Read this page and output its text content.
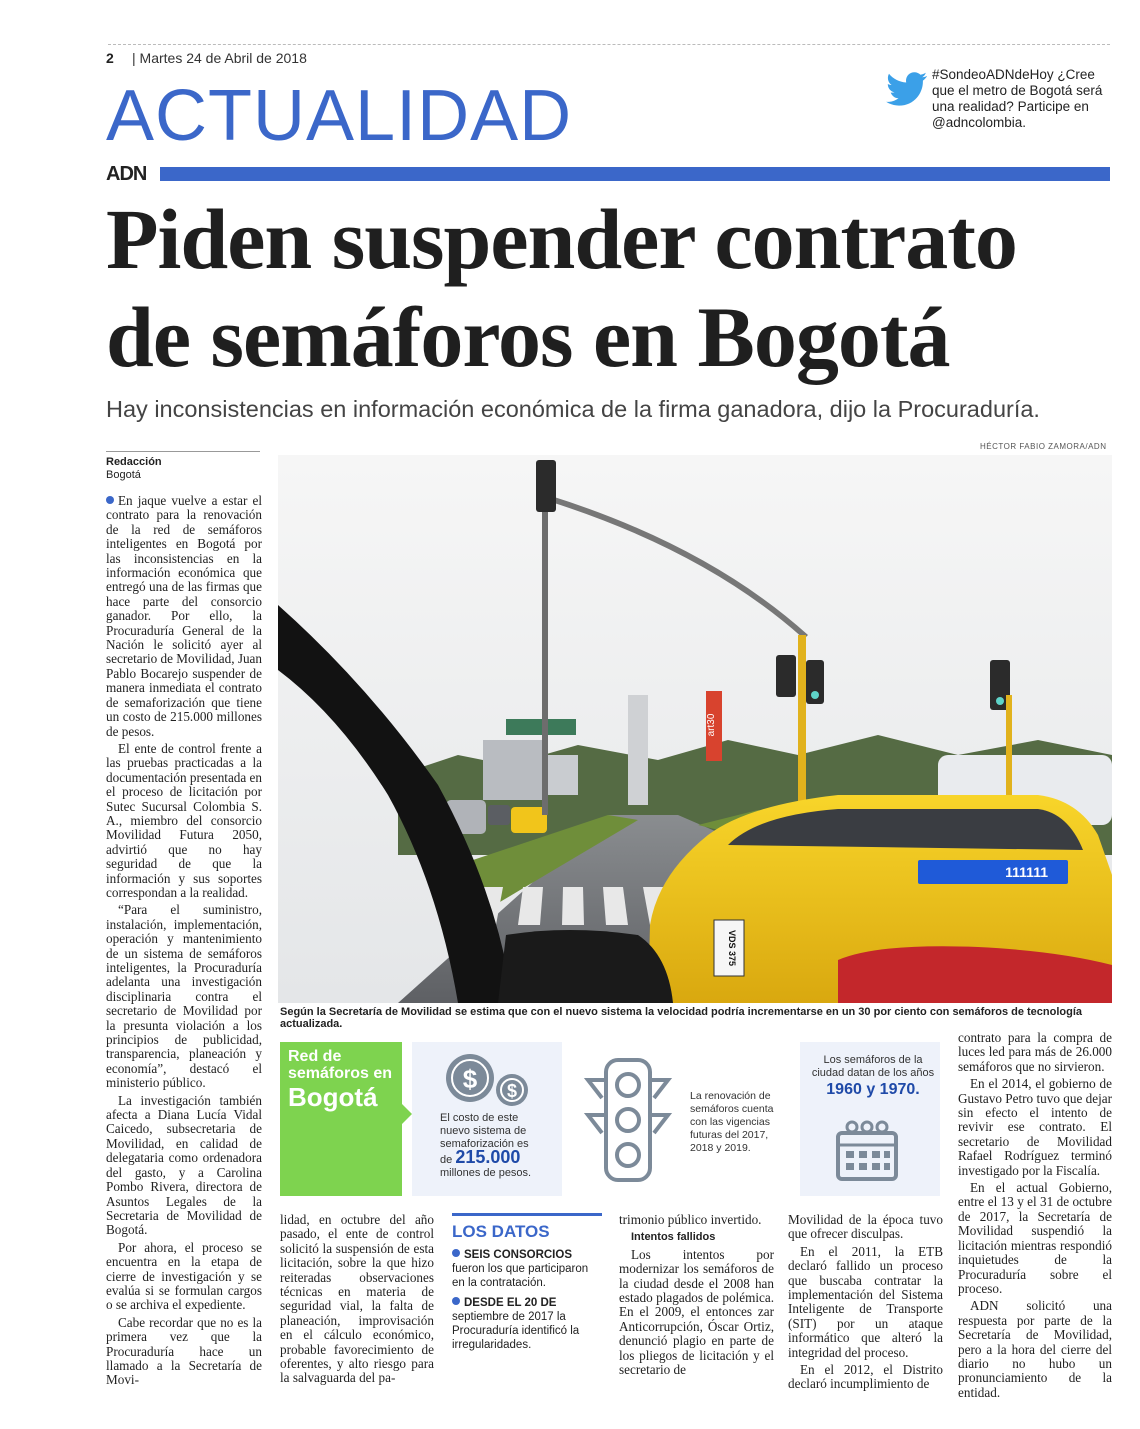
2 | Martes 24 de Abril de 2018
ACTUALIDAD
#SondeoADNdeHoy ¿Cree que el metro de Bogotá será una realidad? Participe en @adncolombia.
ADN
Piden suspender contrato de semáforos en Bogotá
Hay inconsistencias en información económica de la firma ganadora, dijo la Procuraduría.
HÉCTOR FABIO ZAMORA/ADN
Redacción
Bogotá

En jaque vuelve a estar el contrato para la renovación de la red de semáforos inteligentes en Bogotá por las inconsistencias en la información económica que entregó una de las firmas que hace parte del consorcio ganador. Por ello, la Procuraduría General de la Nación le solicitó ayer al secretario de Movilidad, Juan Pablo Bocarejo suspender de manera inmediata el contrato de semaforización que tiene un costo de 215.000 millones de pesos.

El ente de control frente a las pruebas practicadas a la documentación presentada en el proceso de licitación por Sutec Sucursal Colombia S. A., miembro del consorcio Movilidad Futura 2050, advirtió que no hay seguridad de que la información y sus soportes correspondan a la realidad.

“Para el suministro, instalación, implementación, operación y mantenimiento de un sistema de semáforos inteligentes, la Procuraduría adelanta una investigación disciplinaria contra el secretario de Movilidad por la presunta violación a los principios de publicidad, transparencia, planeación y economía”, destacó el ministerio público.

La investigación también afecta a Diana Lucía Vidal Caicedo, subsecretaria de Movilidad, en calidad de delegataria como ordenadora del gasto, y a Carolina Pombo Rivera, directora de Asuntos Legales de la Secretaria de Movilidad de Bogotá.

Por ahora, el proceso se encuentra en la etapa de cierre de investigación y se evalúa si se formulan cargos o se archiva el expediente.

Cabe recordar que no es la primera vez que la Procuraduría hace un llamado a la Secretaría de Movi-

art30
111111
VDS 375
Según la Secretaría de Movilidad se estima que con el nuevo sistema la velocidad podría incrementarse en un 30 por ciento con semáforos de tecnología actualizada.
Red de
semáforos en
Bogotá
$ $
El costo de este nuevo sistema de semaforización es
de 215.000
millones de pesos.
La renovación de semáforos cuenta con las vigencias futuras del 2017, 2018 y 2019.
Los semáforos de la ciudad datan de los años
1960 y 1970.

lidad, en octubre del año pasado, el ente de control solicitó la suspensión de esta licitación, sobre la que hizo reiteradas observaciones técnicas en materia de seguridad vial, la falta de planeación, improvisación en el cálculo económico, probable favorecimiento de oferentes, y alto riesgo para la salvaguarda del pa-

LOS DATOS
SEIS CONSORCIOS fueron los que participaron en la contratación.
DESDE EL 20 DE septiembre de 2017 la Procuraduría identificó la irregularidades.

trimonio público invertido.

Intentos fallidos

Los intentos por modernizar los semáforos de la ciudad desde el 2008 han estado plagados de polémica. En el 2009, el entonces zar Anticorrupción, Óscar Ortiz, denunció plagio en parte de los pliegos de licitación y el secretario de

Movilidad de la época tuvo que ofrecer disculpas.

En el 2011, la ETB declaró fallido un proceso que buscaba contratar la implementación del Sistema Inteligente de Transporte (SIT) por un ataque informático que alteró la integridad del proceso.

En el 2012, el Distrito declaró incumplimiento de

contrato para la compra de luces led para más de 26.000 semáforos que no sirvieron.

En el 2014, el gobierno de Gustavo Petro tuvo que dejar sin efecto el intento de revivir ese contrato. El secretario de Movilidad Rafael Rodríguez terminó investigado por la Fiscalía.

En el actual Gobierno, entre el 13 y el 31 de octubre de 2017, la Secretaría de Movilidad suspendió la licitación mientras respondió inquietudes de la Procuraduría sobre el proceso.

ADN solicitó una respuesta por parte de la Secretaría de Movilidad, pero a la hora del cierre del diario no hubo un pronunciamiento de la entidad.
